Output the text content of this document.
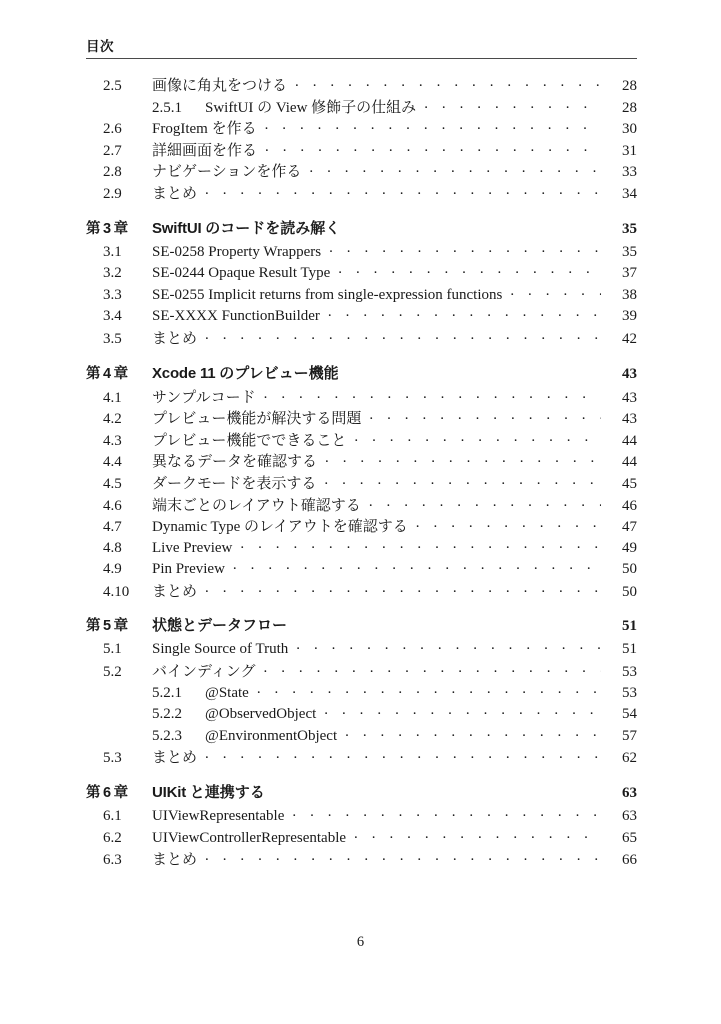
目次
2.5	画像に角丸をつける . . .	28
2.5.1	SwiftUI の View 修飾子の仕組み . . .	28
2.6	FrogItem を作る . . .	30
2.7	詳細画面を作る . . .	31
2.8	ナビゲーションを作る . . .	33
2.9	まとめ . . .	34
第 3 章	SwiftUI のコードを読み解く	35
3.1	SE-0258 Property Wrappers . . .	35
3.2	SE-0244 Opaque Result Type . . .	37
3.3	SE-0255 Implicit returns from single-expression functions . . .	38
3.4	SE-XXXX FunctionBuilder . . .	39
3.5	まとめ . . .	42
第 4 章	Xcode 11 のプレビュー機能	43
4.1	サンプルコード . . .	43
4.2	プレビュー機能が解決する問題 . . .	43
4.3	プレビュー機能でできること . . .	44
4.4	異なるデータを確認する . . .	44
4.5	ダークモードを表示する . . .	45
4.6	端末ごとのレイアウト確認する . . .	46
4.7	Dynamic Type のレイアウトを確認する . . .	47
4.8	Live Preview . . .	49
4.9	Pin Preview . . .	50
4.10	まとめ . . .	50
第 5 章	状態とデータフロー	51
5.1	Single Source of Truth . . .	51
5.2	バインディング . . .	53
5.2.1	@State . . .	53
5.2.2	@ObservedObject . . .	54
5.2.3	@EnvironmentObject . . .	57
5.3	まとめ . . .	62
第 6 章	UIKit と連携する	63
6.1	UIViewRepresentable . . .	63
6.2	UIViewControllerRepresentable . . .	65
6.3	まとめ . . .	66
6
